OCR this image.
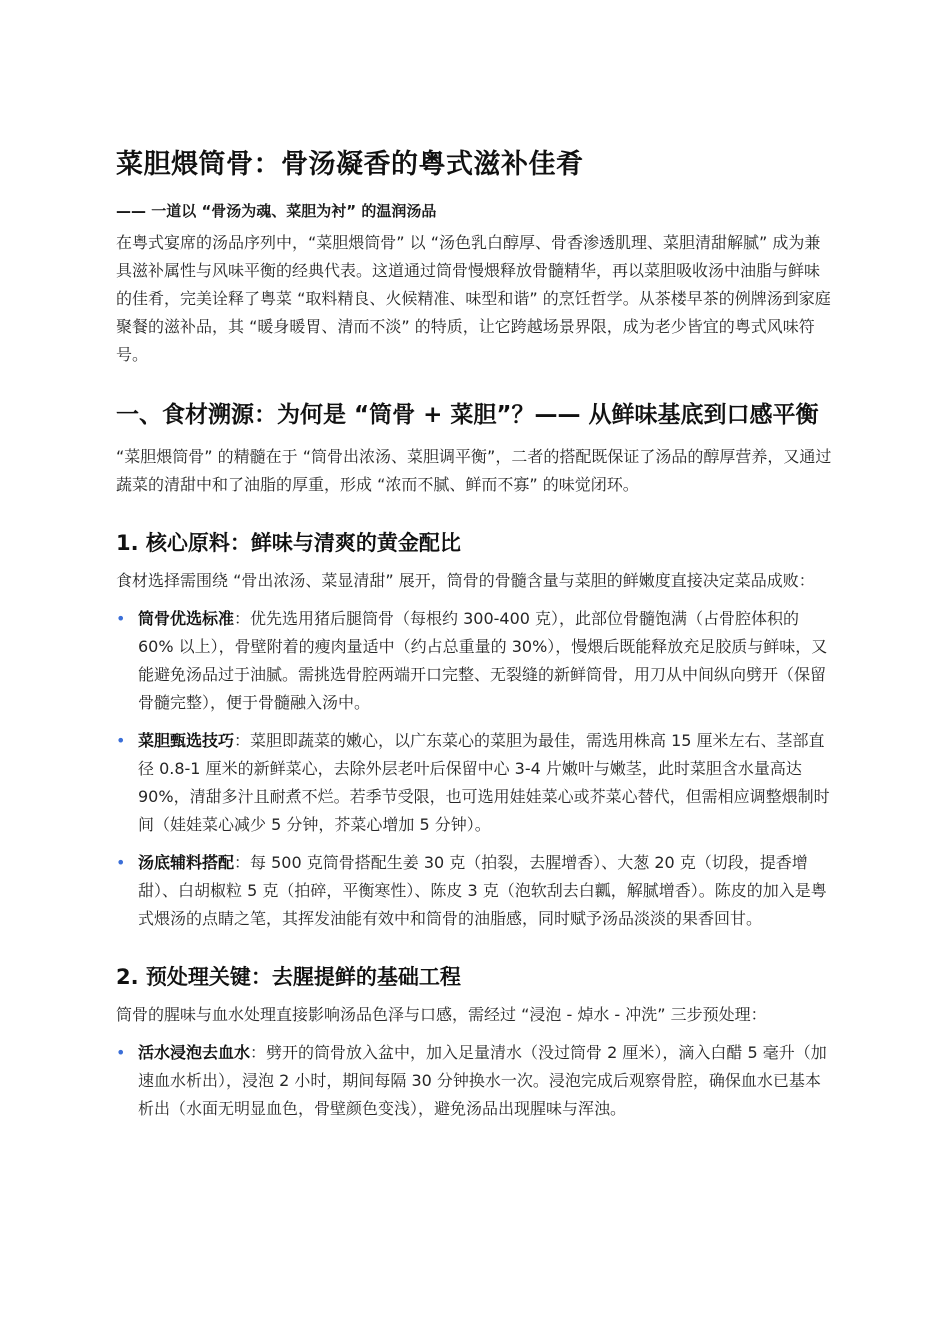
菜胆煨筒骨：骨汤凝香的粤式滋补佳肴
—— 一道以 “骨汤为魂、菜胆为衬” 的温润汤品

在粤式宴席的汤品序列中，“菜胆煨筒骨” 以 “汤色乳白醇厚、骨香渗透肌理、菜胆清甜解腻” 成为兼具滋补属性与风味平衡的经典代表。这道通过筒骨慢煨释放骨髓精华，再以菜胆吸收汤中油脂与鲜味的佳肴，完美诠释了粤菜 “取料精良、火候精准、味型和谐” 的烹饪哲学。从茶楼早茶的例牌汤到家庭聚餐的滋补品，其 “暖身暖胃、清而不淡” 的特质，让它跨越场景界限，成为老少皆宜的粤式风味符号。

一、食材溯源：为何是 “筒骨 + 菜胆”？—— 从鲜味基底到口感平衡

“菜胆煨筒骨” 的精髓在于 “筒骨出浓汤、菜胆调平衡”，二者的搭配既保证了汤品的醇厚营养，又通过蔬菜的清甜中和了油脂的厚重，形成 “浓而不腻、鲜而不寡” 的味觉闭环。

1. 核心原料：鲜味与清爽的黄金配比

食材选择需围绕 “骨出浓汤、菜显清甜” 展开，筒骨的骨髓含量与菜胆的鲜嫩度直接决定菜品成败：

• 筒骨优选标准：优先选用猪后腿筒骨（每根约 300-400 克），此部位骨髓饱满（占骨腔体积的 60% 以上），骨壁附着的瘦肉量适中（约占总重量的 30%），慢煨后既能释放充足胶质与鲜味，又能避免汤品过于油腻。需挑选骨腔两端开口完整、无裂缝的新鲜筒骨，用刀从中间纵向劈开（保留骨髓完整），便于骨髓融入汤中。
• 菜胆甄选技巧：菜胆即蔬菜的嫩心，以广东菜心的菜胆为最佳，需选用株高 15 厘米左右、茎部直径 0.8-1 厘米的新鲜菜心，去除外层老叶后保留中心 3-4 片嫩叶与嫩茎，此时菜胆含水量高达 90%，清甜多汁且耐煮不烂。若季节受限，也可选用娃娃菜心或芥菜心替代，但需相应调整煨制时间（娃娃菜心减少 5 分钟，芥菜心增加 5 分钟）。
• 汤底辅料搭配：每 500 克筒骨搭配生姜 30 克（拍裂，去腥增香）、大葱 20 克（切段，提香增甜）、白胡椒粒 5 克（拍碎，平衡寒性）、陈皮 3 克（泡软刮去白瓤，解腻增香）。陈皮的加入是粤式煨汤的点睛之笔，其挥发油能有效中和筒骨的油脂感，同时赋予汤品淡淡的果香回甘。
2. 预处理关键：去腥提鲜的基础工程

筒骨的腥味与血水处理直接影响汤品色泽与口感，需经过 “浸泡 - 焯水 - 冲洗” 三步预处理：

• 活水浸泡去血水：劈开的筒骨放入盆中，加入足量清水（没过筒骨 2 厘米），滴入白醋 5 毫升（加速血水析出），浸泡 2 小时，期间每隔 30 分钟换水一次。浸泡完成后观察骨腔，确保血水已基本析出（水面无明显血色，骨壁颜色变浅），避免汤品出现腥味与浑浊。
